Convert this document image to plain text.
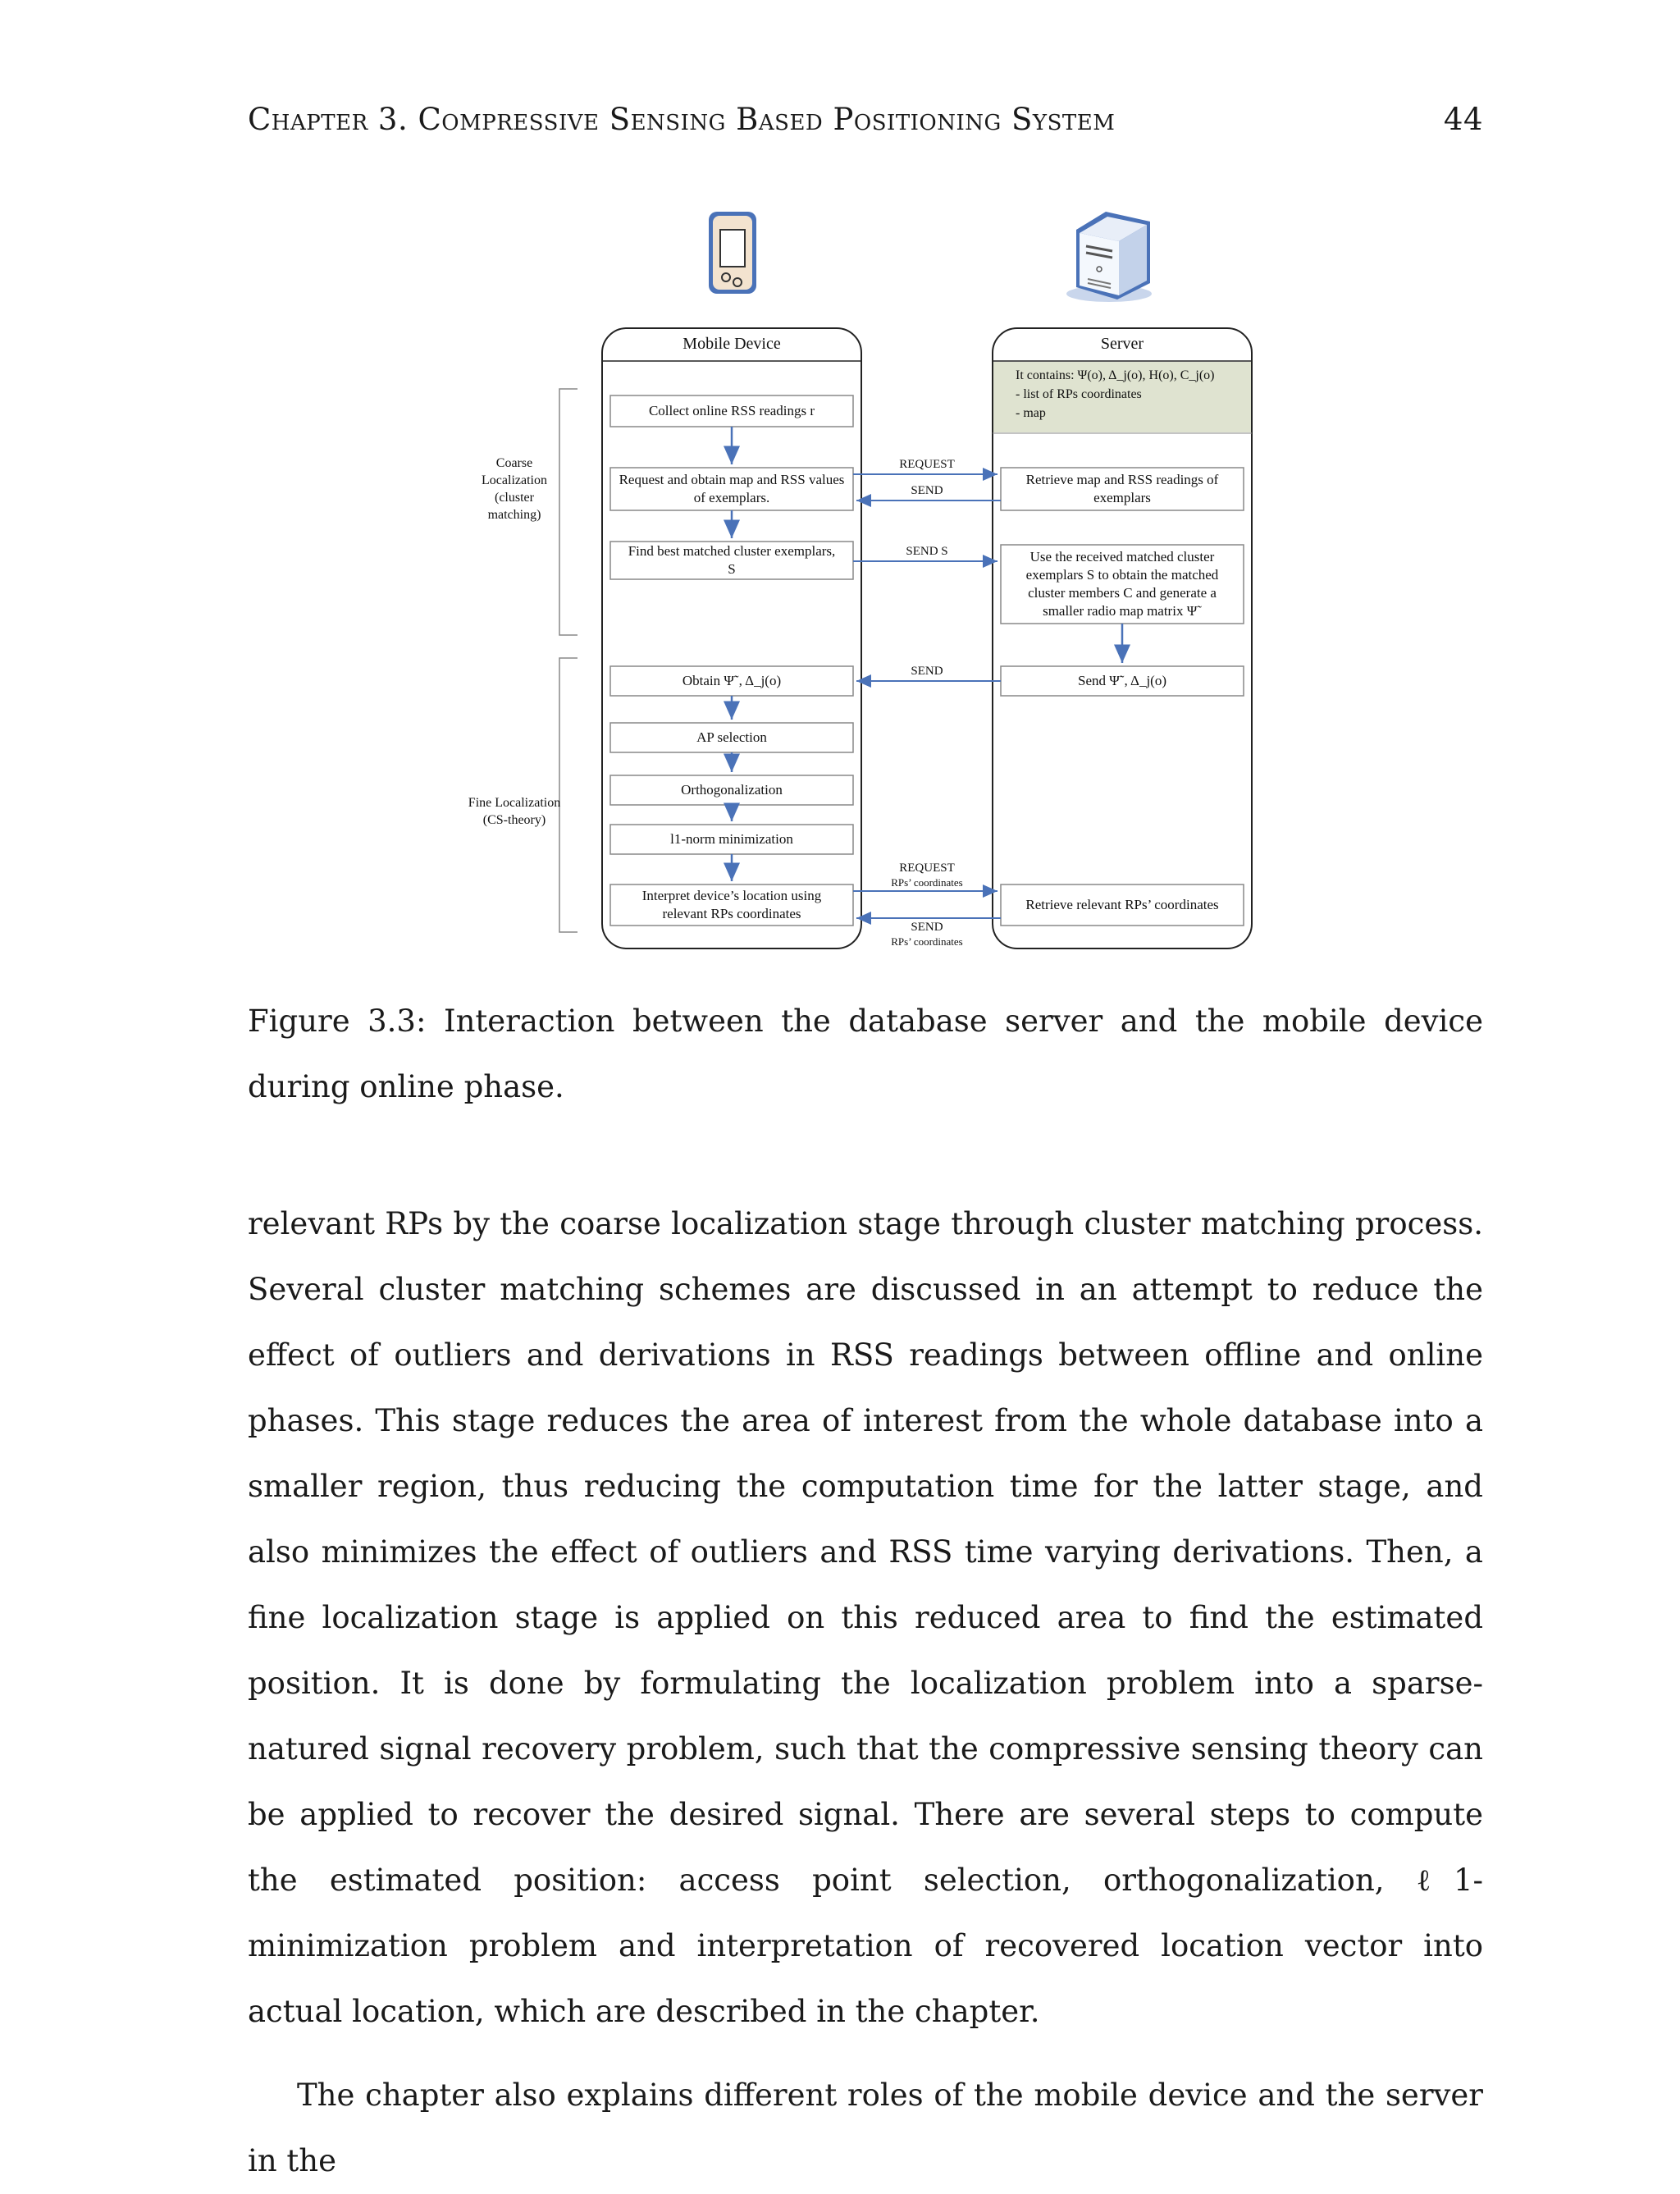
Chapter 3. Compressive Sensing Based Positioning System	44
Mobile Device	Server
It contains: Ψ(o), Δ_j(o), H(o), C_j(o)
- list of RPs coordinates
- map
Coarse Localization (cluster matching)
Fine Localization (CS-theory)
Collect online RSS readings r
Request and obtain map and RSS values of exemplars.
Find best matched cluster exemplars, S
Obtain Ψ˜, Δ_j(o)
AP selection
Orthogonalization
l1-norm minimization
Interpret device’s location using relevant RPs coordinates
Retrieve map and RSS readings of exemplars
Use the received matched cluster exemplars S to obtain the matched cluster members C and generate a smaller radio map matrix Ψ˜
Send Ψ˜, Δ_j(o)
Retrieve relevant RPs’ coordinates
REQUEST
SEND
SEND S
SEND
REQUEST
RPs’ coordinates
SEND
RPs’ coordinates
Figure 3.3: Interaction between the database server and the mobile device during online phase.

relevant RPs by the coarse localization stage through cluster matching process. Several cluster matching schemes are discussed in an attempt to reduce the effect of outliers and derivations in RSS readings between offline and online phases. This stage reduces the area of interest from the whole database into a smaller region, thus reducing the computation time for the latter stage, and also minimizes the effect of outliers and RSS time varying derivations. Then, a fine localization stage is applied on this reduced area to find the estimated position. It is done by formulating the localization problem into a sparse-natured signal recovery problem, such that the compressive sensing theory can be applied to recover the desired signal. There are several steps to compute the estimated position: access point selection, orthogonalization, ℓ1-minimization problem and interpretation of recovered location vector into actual location, which are described in the chapter.

The chapter also explains different roles of the mobile device and the server in the
